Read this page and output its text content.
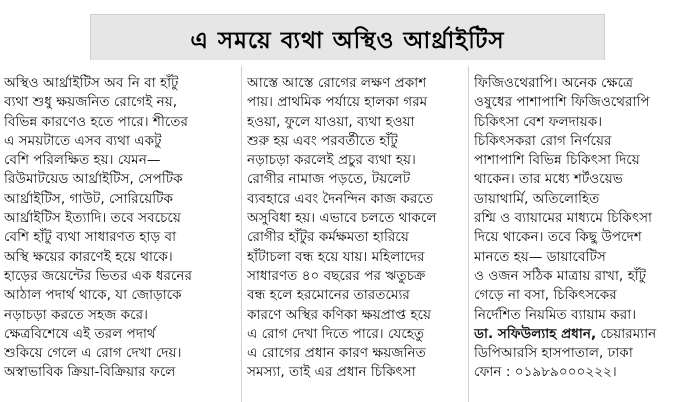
এ সময়ে ব্যথা অস্থিও আর্থ্রাইটিস
অস্থিও আর্থ্রাইটিস অব নি বা হাঁটু
ব্যথা শুধু ক্ষয়জনিত রোগেই নয়,
বিভিন্ন কারণেও হতে পারে। শীতের
এ সময়টাতে এসব ব্যথা একটু
বেশি পরিলক্ষিত হয়। যেমন—
রিউমাটয়েড আর্থ্রাইটিস, সেপটিক
আর্থ্রাইটিস, গাউট, সোরিয়েটিক
আর্থ্রাইটিস ইত্যাদি। তবে সবচেয়ে
বেশি হাঁটু ব্যথা সাধারণত হাড় বা
অস্থি ক্ষয়ের কারণেই হয়ে থাকে।
হাড়ের জয়েন্টের ভিতর এক ধরনের
আঠাল পদার্থ থাকে, যা জোড়াকে
নড়াচড়া করতে সহজ করে।
ক্ষেত্রবিশেষে এই তরল পদার্থ
শুকিয়ে গেলে এ রোগ দেখা দেয়।
অস্বাভাবিক ক্রিয়া-বিক্রিয়ার ফলে
আস্তে আস্তে রোগের লক্ষণ প্রকাশ
পায়। প্রাথমিক পর্যায়ে হালকা গরম
হওয়া, ফুলে যাওয়া, ব্যথা হওয়া
শুরু হয় এবং পরবর্তীতে হাঁটু
নড়াচড়া করলেই প্রচুর ব্যথা হয়।
রোগীর নামাজ পড়তে, টয়লেট
ব্যবহারে এবং দৈনন্দিন কাজ করতে
অসুবিধা হয়। এভাবে চলতে থাকলে
রোগীর হাঁটুর কর্মক্ষমতা হারিয়ে
হাঁটাচলা বন্ধ হয়ে যায়। মহিলাদের
সাধারণত ৪০ বছরের পর ঋতুচক্র
বন্ধ হলে হরমোনের তারতম্যের
কারণে অস্থির কণিকা ক্ষয়প্রাপ্ত হয়ে
এ রোগ দেখা দিতে পারে। যেহেতু
এ রোগের প্রধান কারণ ক্ষয়জনিত
সমস্যা, তাই এর প্রধান চিকিৎসা
ফিজিওথেরাপি। অনেক ক্ষেত্রে
ওষুধের পাশাপাশি ফিজিওথেরাপি
চিকিৎসা বেশ ফলদায়ক।
চিকিৎসকরা রোগ নির্ণয়ের
পাশাপাশি বিভিন্ন চিকিৎসা দিয়ে
থাকেন। তার মধ্যে শর্টওয়েভ
ডায়াথার্মি, অতিলোহিত
রশ্মি ও ব্যায়ামের মাধ্যমে চিকিৎসা
দিয়ে থাকেন। তবে কিছু উপদেশ
মানতে হয়— ডায়াবেটিস
ও ওজন সঠিক মাত্রায় রাখা, হাঁটু
গেড়ে না বসা, চিকিৎসকের
নির্দেশিত নিয়মিত ব্যায়াম করা।
ডা. সফিউল্যাহ প্রধান, চেয়ারম্যান
ডিপিআরসি হাসপাতাল, ঢাকা
ফোন : ০১৯৮৯০০০২২২।
